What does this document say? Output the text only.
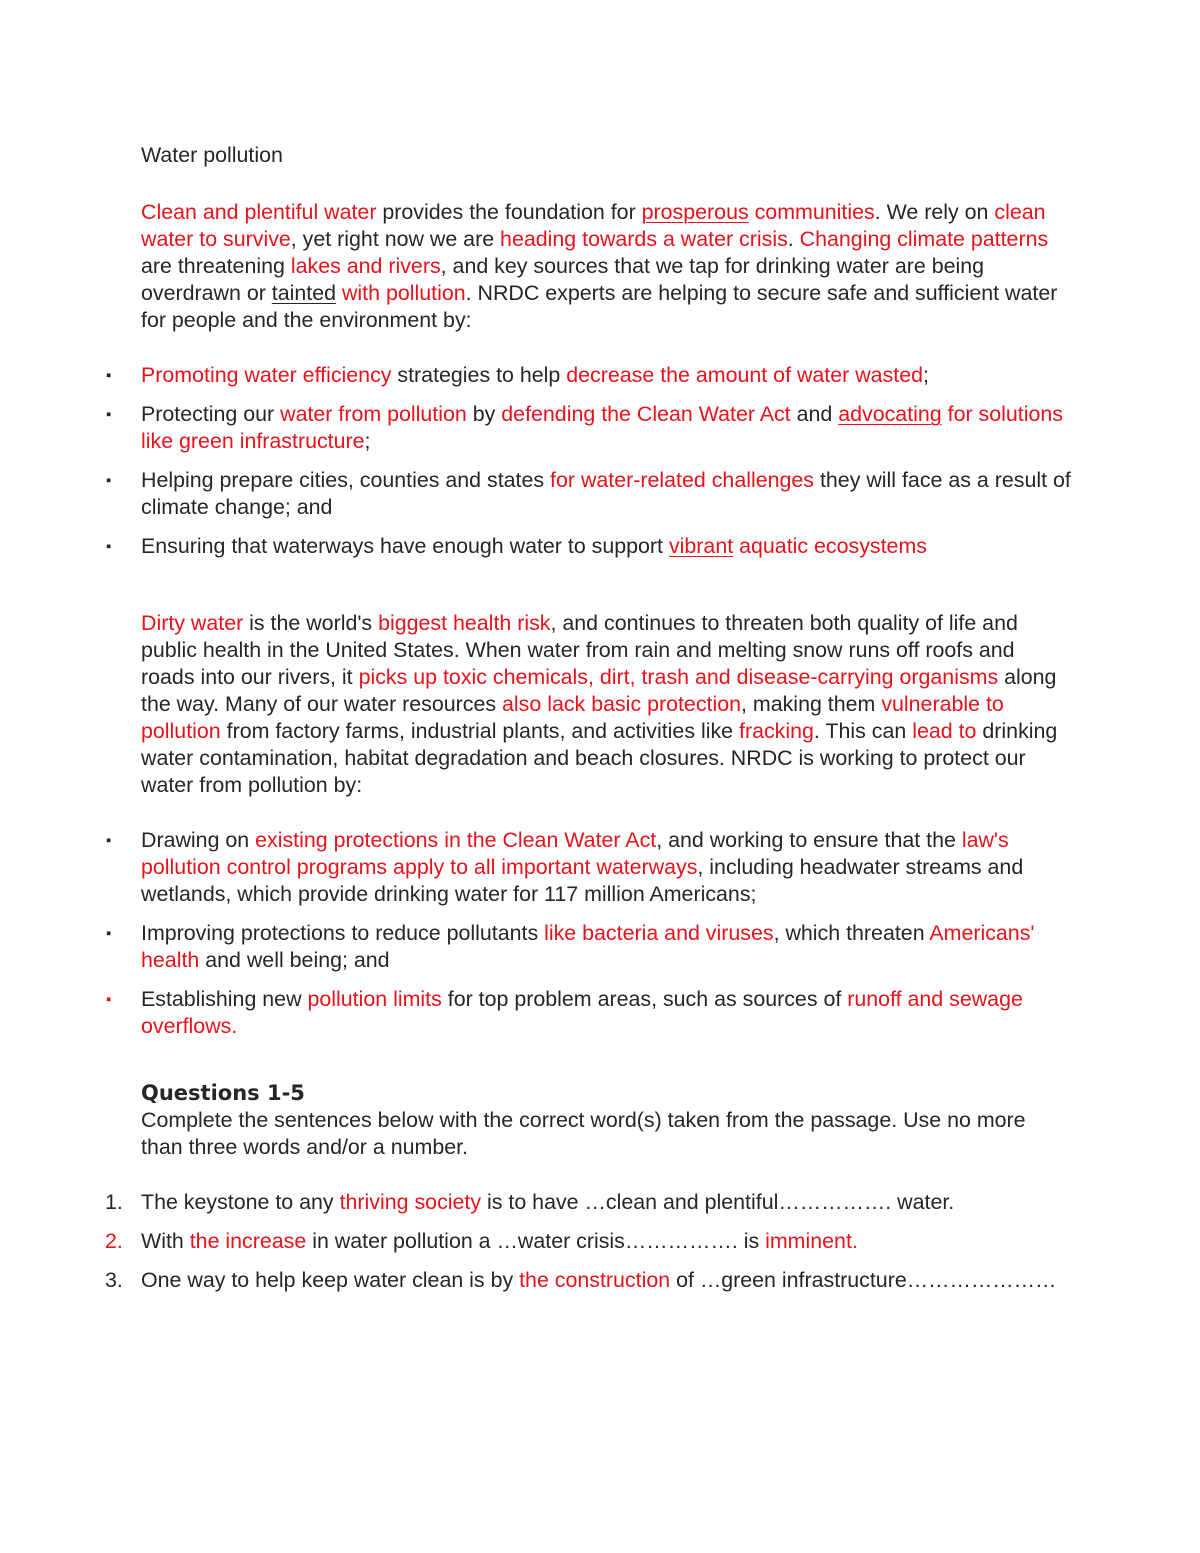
Water pollution

Clean and plentiful water provides the foundation for prosperous communities. We rely on clean water to survive, yet right now we are heading towards a water crisis. Changing climate patterns are threatening lakes and rivers, and key sources that we tap for drinking water are being overdrawn or tainted with pollution. NRDC experts are helping to secure safe and sufficient water for people and the environment by:

▪ Promoting water efficiency strategies to help decrease the amount of water wasted;
▪ Protecting our water from pollution by defending the Clean Water Act and advocating for solutions like green infrastructure;
▪ Helping prepare cities, counties and states for water-related challenges they will face as a result of climate change; and
▪ Ensuring that waterways have enough water to support vibrant aquatic ecosystems

Dirty water is the world's biggest health risk, and continues to threaten both quality of life and public health in the United States. When water from rain and melting snow runs off roofs and roads into our rivers, it picks up toxic chemicals, dirt, trash and disease-carrying organisms along the way. Many of our water resources also lack basic protection, making them vulnerable to pollution from factory farms, industrial plants, and activities like fracking. This can lead to drinking water contamination, habitat degradation and beach closures. NRDC is working to protect our water from pollution by:

▪ Drawing on existing protections in the Clean Water Act, and working to ensure that the law's pollution control programs apply to all important waterways, including headwater streams and wetlands, which provide drinking water for 117 million Americans;
▪ Improving protections to reduce pollutants like bacteria and viruses, which threaten Americans' health and well being; and
▪ Establishing new pollution limits for top problem areas, such as sources of runoff and sewage overflows.

Questions 1-5

Complete the sentences below with the correct word(s) taken from the passage. Use no more than three words and/or a number.

1. The keystone to any thriving society is to have …clean and plentiful……………. water.
2. With the increase in water pollution a …water crisis……………. is imminent.
3. One way to help keep water clean is by the construction of …green infrastructure…………………
